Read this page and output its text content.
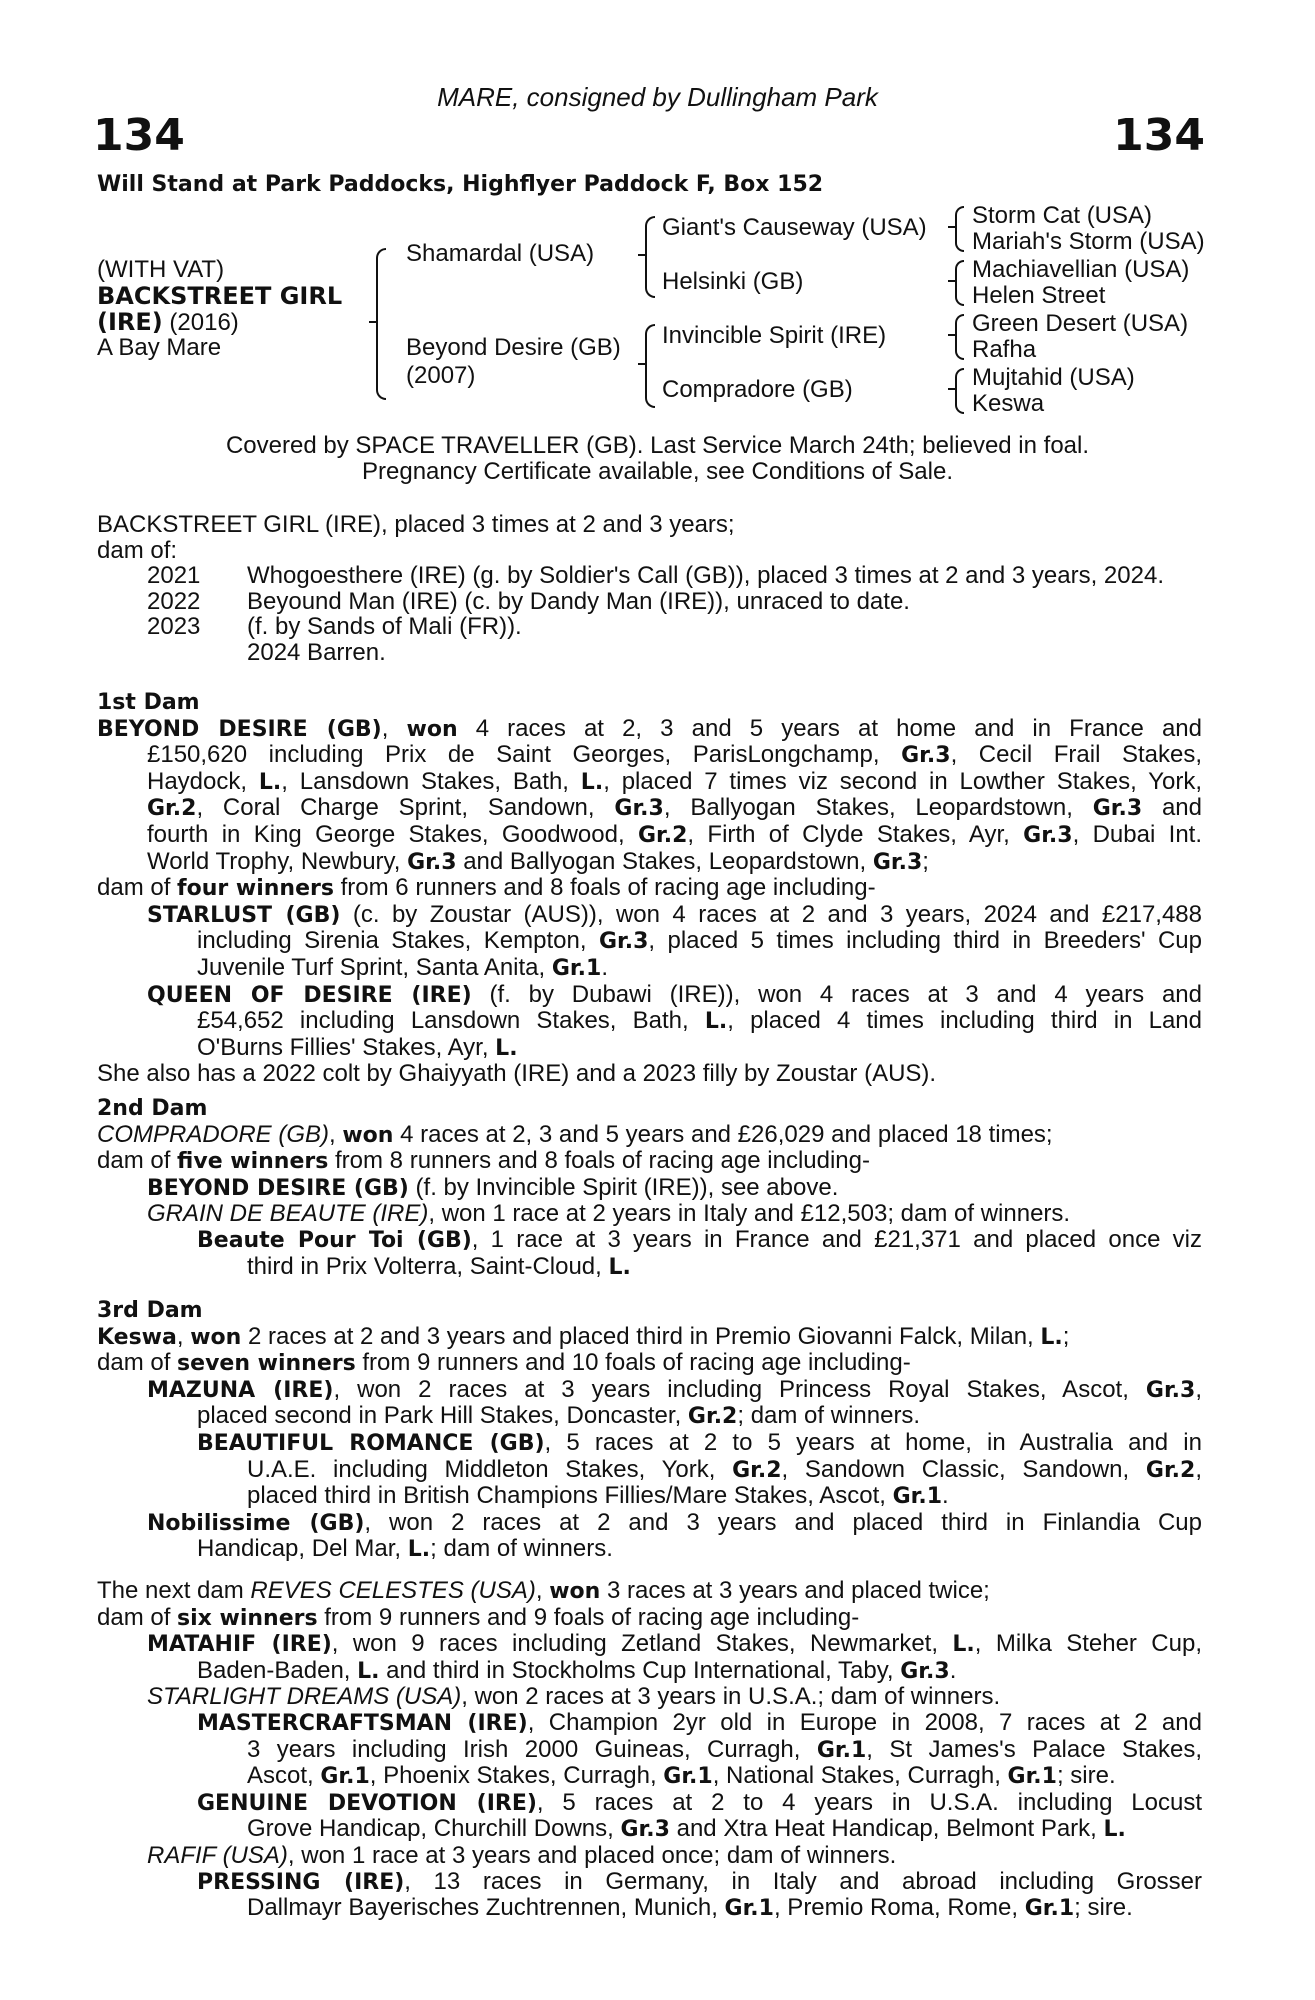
MARE, consigned by Dullingham Park
134	134
Will Stand at Park Paddocks, Highflyer Paddock F, Box 152
(WITH VAT)
BACKSTREET GIRL
(IRE) (2016)
A Bay Mare
Shamardal (USA)
Beyond Desire (GB)
(2007)
Giant's Causeway (USA)
Helsinki (GB)
Invincible Spirit (IRE)
Compradore (GB)
Storm Cat (USA)
Mariah's Storm (USA)
Machiavellian (USA)
Helen Street
Green Desert (USA)
Rafha
Mujtahid (USA)
Keswa
Covered by SPACE TRAVELLER (GB). Last Service March 24th; believed in foal.
Pregnancy Certificate available, see Conditions of Sale.
BACKSTREET GIRL (IRE), placed 3 times at 2 and 3 years;
dam of:
2021	Whogoesthere (IRE) (g. by Soldier's Call (GB)), placed 3 times at 2 and 3 years, 2024.
2022	Beyound Man (IRE) (c. by Dandy Man (IRE)), unraced to date.
2023	(f. by Sands of Mali (FR)).
2024 Barren.
1st Dam
BEYOND DESIRE (GB), won 4 races at 2, 3 and 5 years at home and in France and
£150,620 including Prix de Saint Georges, ParisLongchamp, Gr.3, Cecil Frail Stakes,
Haydock, L., Lansdown Stakes, Bath, L., placed 7 times viz second in Lowther Stakes, York,
Gr.2, Coral Charge Sprint, Sandown, Gr.3, Ballyogan Stakes, Leopardstown, Gr.3 and
fourth in King George Stakes, Goodwood, Gr.2, Firth of Clyde Stakes, Ayr, Gr.3, Dubai Int.
World Trophy, Newbury, Gr.3 and Ballyogan Stakes, Leopardstown, Gr.3;
dam of four winners from 6 runners and 8 foals of racing age including-
STARLUST (GB) (c. by Zoustar (AUS)), won 4 races at 2 and 3 years, 2024 and £217,488
including Sirenia Stakes, Kempton, Gr.3, placed 5 times including third in Breeders' Cup
Juvenile Turf Sprint, Santa Anita, Gr.1.
QUEEN OF DESIRE (IRE) (f. by Dubawi (IRE)), won 4 races at 3 and 4 years and
£54,652 including Lansdown Stakes, Bath, L., placed 4 times including third in Land
O'Burns Fillies' Stakes, Ayr, L.
She also has a 2022 colt by Ghaiyyath (IRE) and a 2023 filly by Zoustar (AUS).
2nd Dam
COMPRADORE (GB), won 4 races at 2, 3 and 5 years and £26,029 and placed 18 times;
dam of five winners from 8 runners and 8 foals of racing age including-
BEYOND DESIRE (GB) (f. by Invincible Spirit (IRE)), see above.
GRAIN DE BEAUTE (IRE), won 1 race at 2 years in Italy and £12,503; dam of winners.
Beaute Pour Toi (GB), 1 race at 3 years in France and £21,371 and placed once viz
third in Prix Volterra, Saint-Cloud, L.
3rd Dam
Keswa, won 2 races at 2 and 3 years and placed third in Premio Giovanni Falck, Milan, L.;
dam of seven winners from 9 runners and 10 foals of racing age including-
MAZUNA (IRE), won 2 races at 3 years including Princess Royal Stakes, Ascot, Gr.3,
placed second in Park Hill Stakes, Doncaster, Gr.2; dam of winners.
BEAUTIFUL ROMANCE (GB), 5 races at 2 to 5 years at home, in Australia and in
U.A.E. including Middleton Stakes, York, Gr.2, Sandown Classic, Sandown, Gr.2,
placed third in British Champions Fillies/Mare Stakes, Ascot, Gr.1.
Nobilissime (GB), won 2 races at 2 and 3 years and placed third in Finlandia Cup
Handicap, Del Mar, L.; dam of winners.
The next dam REVES CELESTES (USA), won 3 races at 3 years and placed twice;
dam of six winners from 9 runners and 9 foals of racing age including-
MATAHIF (IRE), won 9 races including Zetland Stakes, Newmarket, L., Milka Steher Cup,
Baden-Baden, L. and third in Stockholms Cup International, Taby, Gr.3.
STARLIGHT DREAMS (USA), won 2 races at 3 years in U.S.A.; dam of winners.
MASTERCRAFTSMAN (IRE), Champion 2yr old in Europe in 2008, 7 races at 2 and
3 years including Irish 2000 Guineas, Curragh, Gr.1, St James's Palace Stakes,
Ascot, Gr.1, Phoenix Stakes, Curragh, Gr.1, National Stakes, Curragh, Gr.1; sire.
GENUINE DEVOTION (IRE), 5 races at 2 to 4 years in U.S.A. including Locust
Grove Handicap, Churchill Downs, Gr.3 and Xtra Heat Handicap, Belmont Park, L.
RAFIF (USA), won 1 race at 3 years and placed once; dam of winners.
PRESSING (IRE), 13 races in Germany, in Italy and abroad including Grosser
Dallmayr Bayerisches Zuchtrennen, Munich, Gr.1, Premio Roma, Rome, Gr.1; sire.
